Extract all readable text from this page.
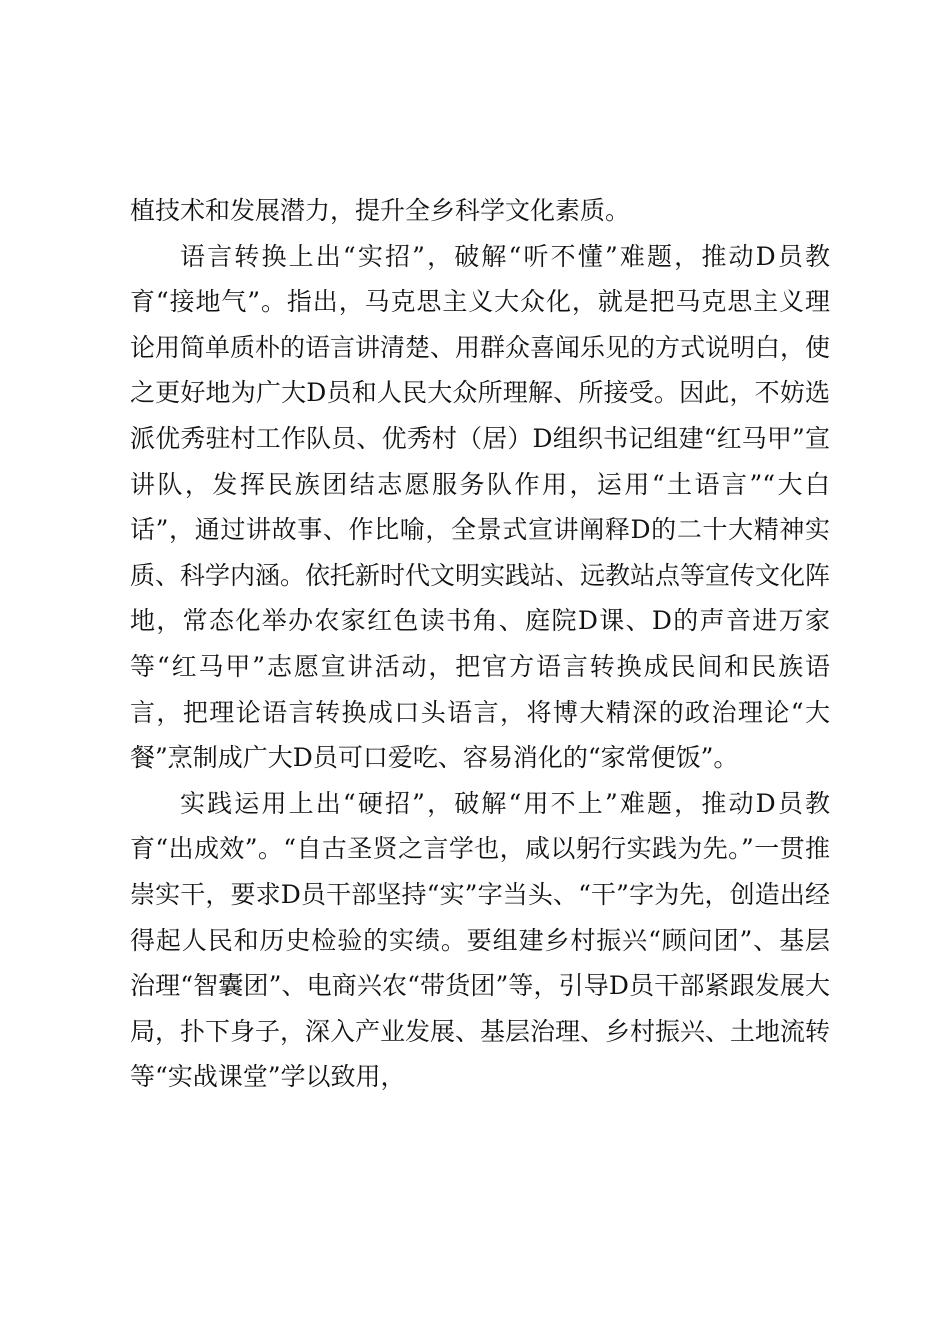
植技术和发展潜力，提升全乡科学文化素质。

语言转换上出“实招”，破解“听不懂”难题，推动D员教育“接地气”。指出，马克思主义大众化，就是把马克思主义理论用简单质朴的语言讲清楚、用群众喜闻乐见的方式说明白，使之更好地为广大D员和人民大众所理解、所接受。因此，不妨选派优秀驻村工作队员、优秀村（居）D组织书记组建“红马甲”宣讲队，发挥民族团结志愿服务队作用，运用“土语言”“大白话”，通过讲故事、作比喻，全景式宣讲阐释D的二十大精神实质、科学内涵。依托新时代文明实践站、远教站点等宣传文化阵地，常态化举办农家红色读书角、庭院D课、D的声音进万家等“红马甲”志愿宣讲活动，把官方语言转换成民间和民族语言，把理论语言转换成口头语言，将博大精深的政治理论“大餐”烹制成广大D员可口爱吃、容易消化的“家常便饭”。

实践运用上出“硬招”，破解“用不上”难题，推动D员教育“出成效”。“自古圣贤之言学也，咸以躬行实践为先。”一贯推崇实干，要求D员干部坚持“实”字当头、“干”字为先，创造出经得起人民和历史检验的实绩。要组建乡村振兴“顾问团”、基层治理“智囊团”、电商兴农“带货团”等，引导D员干部紧跟发展大局，扑下身子，深入产业发展、基层治理、乡村振兴、土地流转等“实战课堂”学以致用，
